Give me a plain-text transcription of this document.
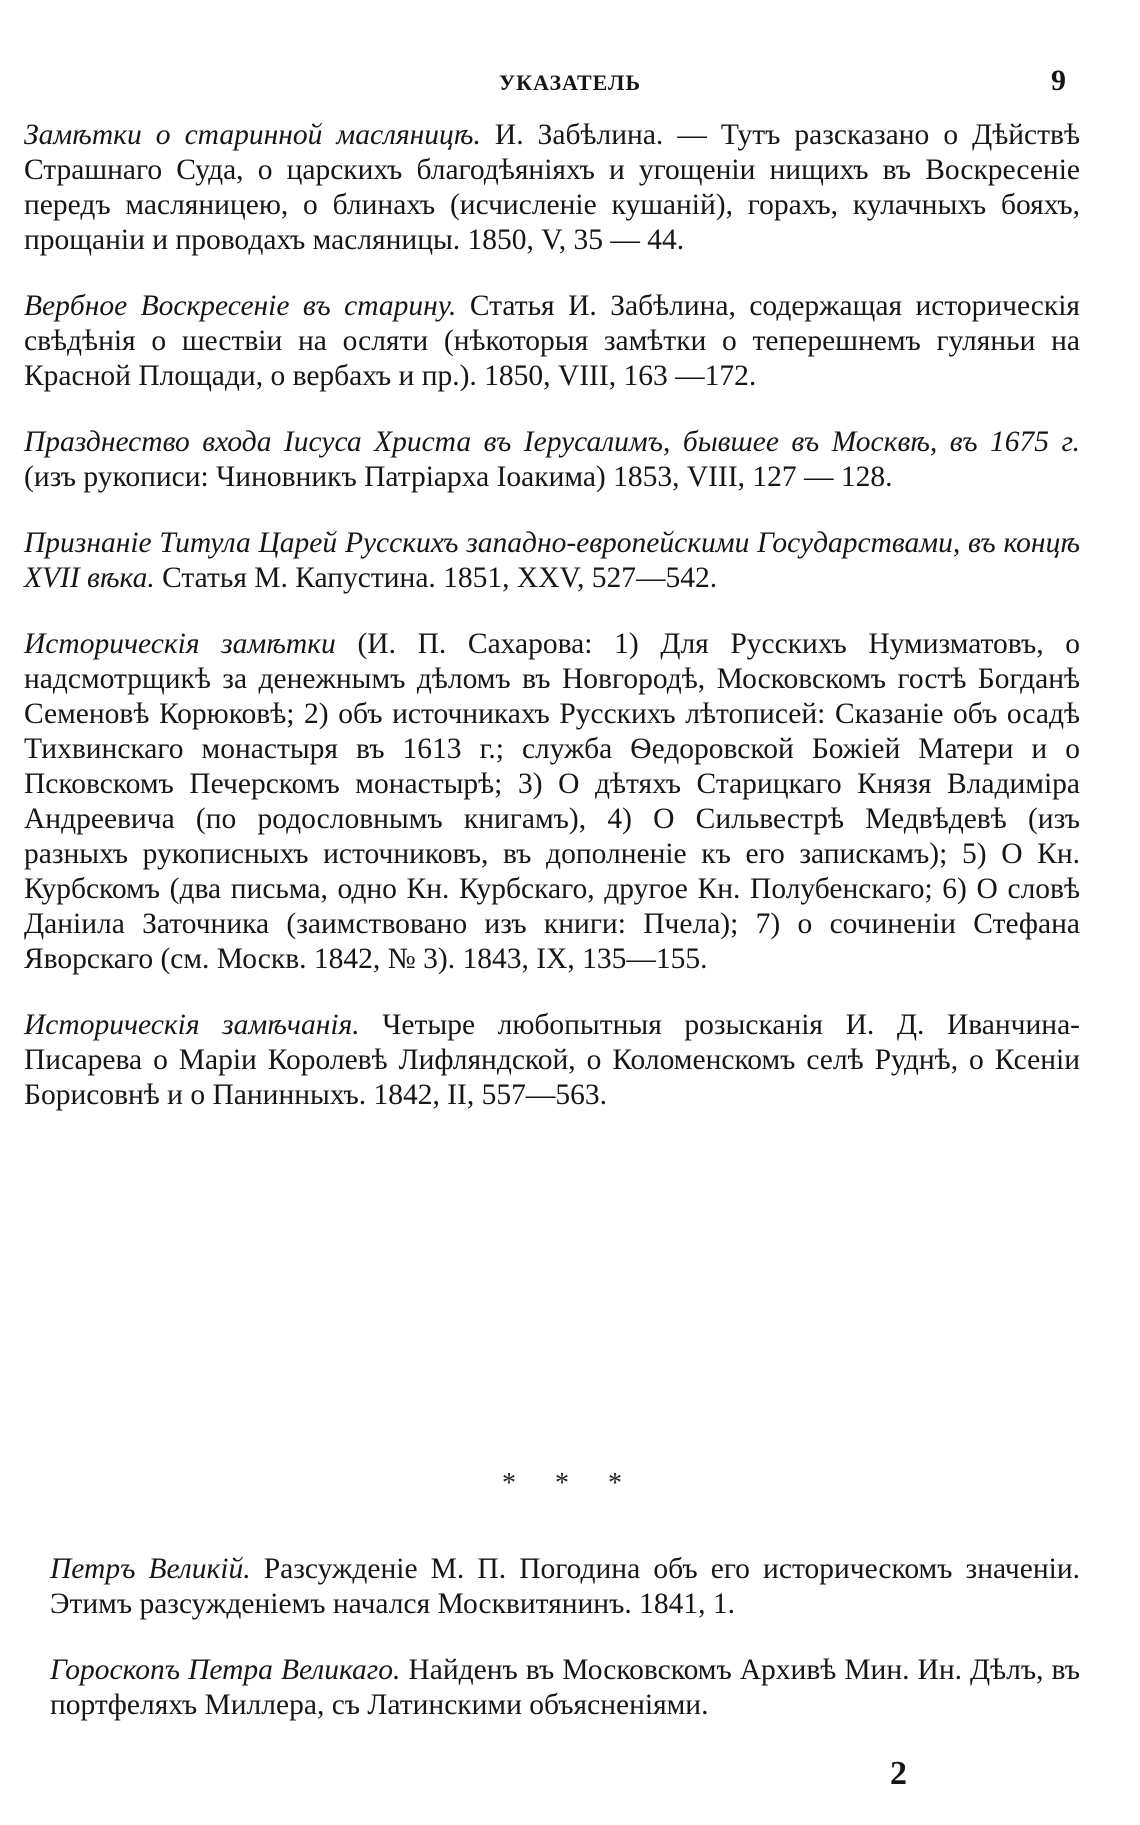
УКАЗАТЕЛЬ	9

Замѣтки о старинной масляницѣ. И. Забѣлина. — Тутъ разсказано о Дѣйствѣ Страшнаго Суда, о царскихъ благодѣяніяхъ и угощеніи нищихъ въ Воскресеніе передъ масляницею, о блинахъ (исчисленіе кушаній), горахъ, кулачныхъ бояхъ, прощаніи и проводахъ масляницы. 1850, V, 35 — 44.

Вербное Воскресеніе въ старину. Статья И. Забѣлина, содержащая историческія свѣдѣнія о шествіи на осляти (нѣкоторыя замѣтки о теперешнемъ гуляньи на Красной Площади, о вербахъ и пр.). 1850, VIII, 163 —172.

Празднество входа Іисуса Христа въ Іерусалимъ, бывшее въ Москвѣ, въ 1675 г. (изъ рукописи: Чиновникъ Патріарха Іоакима) 1853, VIII, 127 — 128.

Признаніе Титула Царей Русскихъ западно-европейскими Государствами, въ концѣ XVII вѣка. Статья М. Капустина. 1851, XXV, 527—542.

Историческія замѣтки (И. П. Сахарова: 1) Для Русскихъ Нумизматовъ, о надсмотрщикѣ за денежнымъ дѣломъ въ Новгородѣ, Московскомъ гостѣ Богданѣ Семеновѣ Корюковѣ; 2) объ источникахъ Русскихъ лѣтописей: Сказаніе объ осадѣ Тихвинскаго монастыря въ 1613 г.; служба Ѳедоровской Божіей Матери и о Псковскомъ Печерскомъ монастырѣ; 3) О дѣтяхъ Старицкаго Князя Владиміра Андреевича (по родословнымъ книгамъ), 4) О Сильвестрѣ Медвѣдевѣ (изъ разныхъ рукописныхъ источниковъ, въ дополненіе къ его запискамъ); 5) О Кн. Курбскомъ (два письма, одно Кн. Курбскаго, другое Кн. Полубенскаго; 6) О словѣ Даніила Заточника (заимствовано изъ книги: Пчела); 7) о сочиненіи Стефана Яворскаго (см. Москв. 1842, № 3). 1843, IX, 135—155.

Историческія замѣчанія. Четыре любопытныя розысканія И. Д. Иванчина-Писарева о Маріи Королевѣ Лифляндской, о Коломенскомъ селѣ Руднѣ, о Ксеніи Борисовнѣ и о Панинныхъ. 1842, II, 557—563.

* * *

Петръ Великій. Разсужденіе М. П. Погодина объ его историческомъ значеніи. Этимъ разсужденіемъ началcя Москвитянинъ. 1841, 1.

Гороскопъ Петра Великаго. Найденъ въ Московскомъ Архивѣ Мин. Ин. Дѣлъ, въ портфеляхъ Миллера, съ Латинскими объясненіями.

2
